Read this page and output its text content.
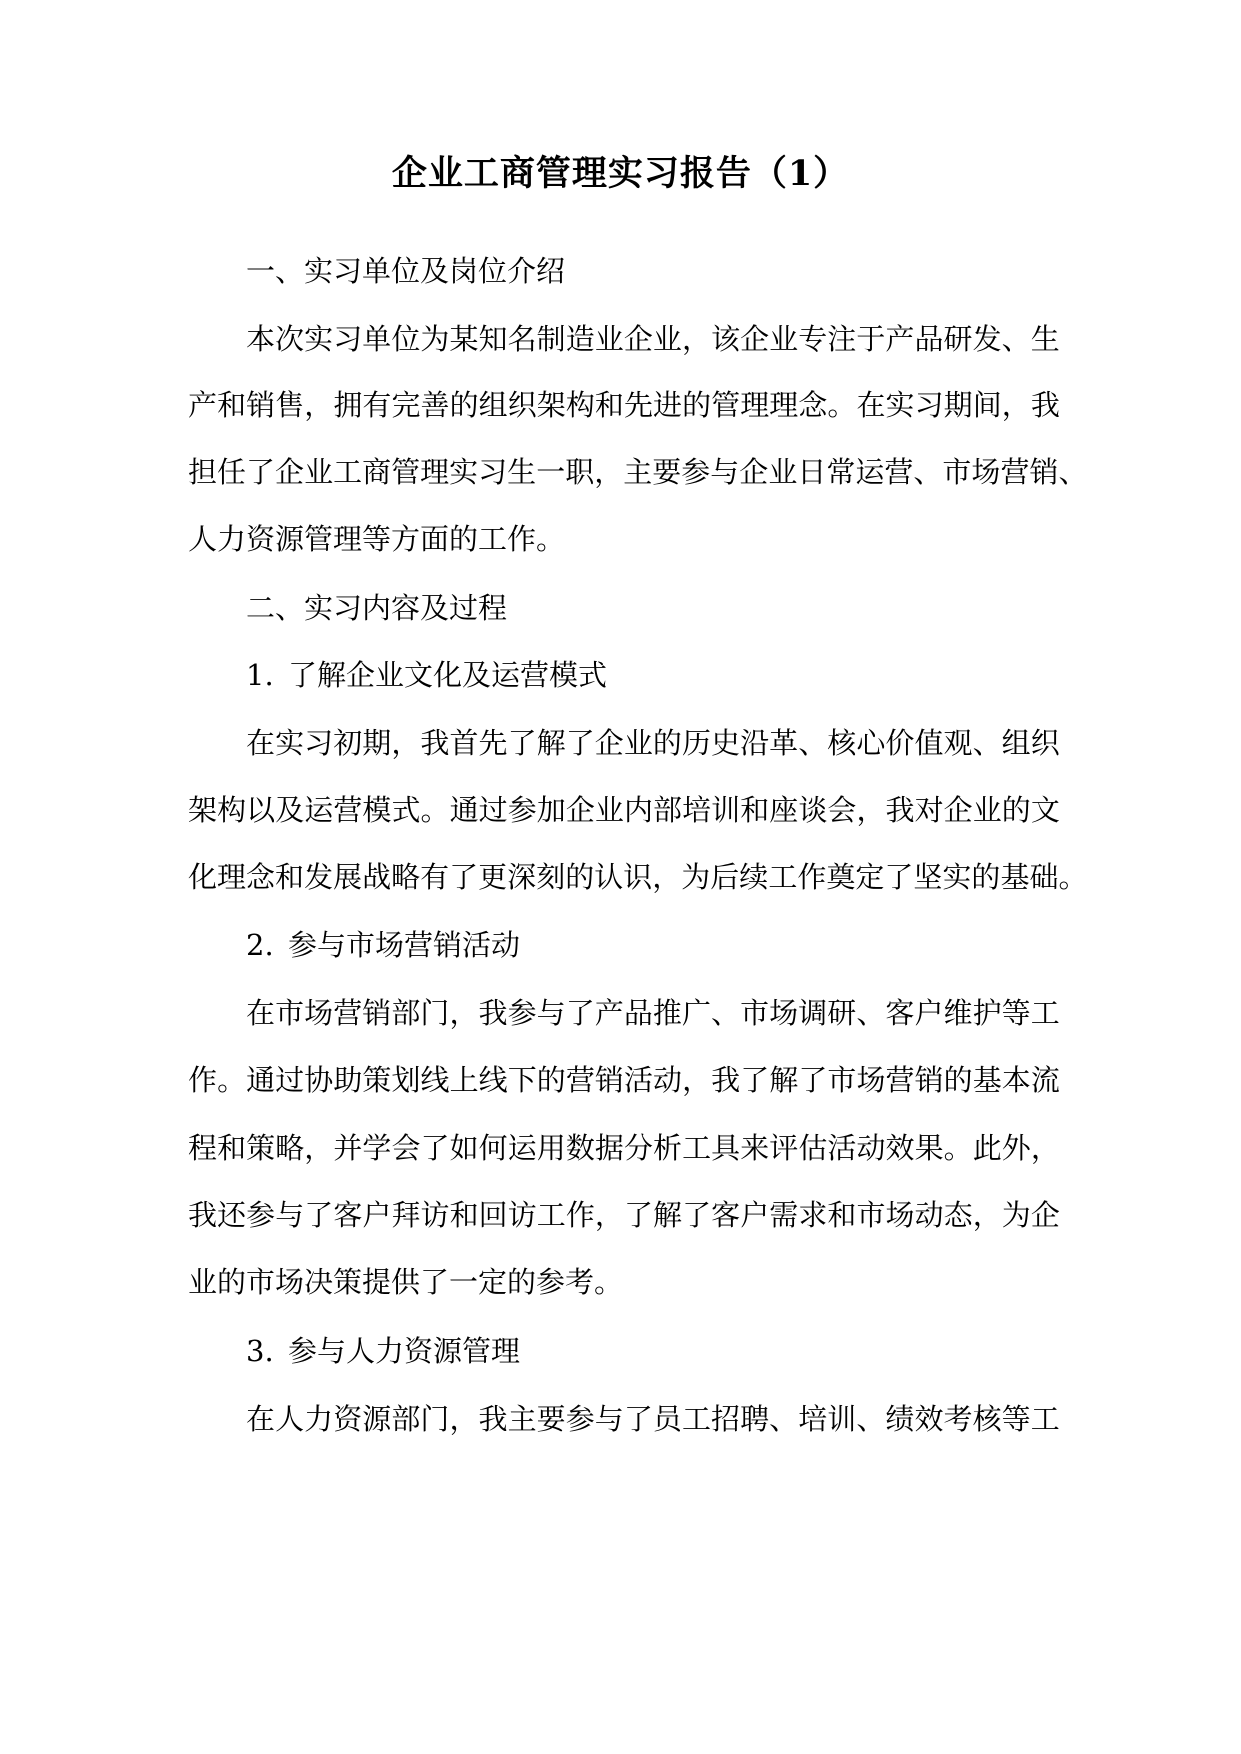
企业工商管理实习报告（1）
一、实习单位及岗位介绍
本 次 实 习 单 位 为 某 知 名 制 造 业 企 业 ， 该 企 业 专 注 于 产 品 研 发 、 生
产 和 销 售 ， 拥 有 完 善 的 组 织 架 构 和 先 进 的 管 理 理 念 。 在 实 习 期 间 ， 我
担 任 了 企 业 工 商 管 理 实 习 生 一 职 ， 主 要 参 与 企 业 日 常 运 营 、 市 场 营 销 、
人力资源管理等方面的工作。
二、实习内容及过程
1. 了解企业文化及运营模式
在 实 习 初 期 ， 我 首 先 了 解 了 企 业 的 历 史 沿 革 、 核 心 价 值 观 、 组 织
架 构 以 及 运 营 模 式 。 通 过 参 加 企 业 内 部 培 训 和 座 谈 会 ， 我 对 企 业 的 文
化 理 念 和 发 展 战 略 有 了 更 深 刻 的 认 识 ， 为 后 续 工 作 奠 定 了 坚 实 的 基 础 。
2. 参与市场营销活动
在 市 场 营 销 部 门 ， 我 参 与 了 产 品 推 广 、 市 场 调 研 、 客 户 维 护 等 工
作 。 通 过 协 助 策 划 线 上 线 下 的 营 销 活 动 ， 我 了 解 了 市 场 营 销 的 基 本 流
程 和 策 略 ， 并 学 会 了 如 何 运 用 数 据 分 析 工 具 来 评 估 活 动 效 果 。 此 外 ，
我 还 参 与 了 客 户 拜 访 和 回 访 工 作 ， 了 解 了 客 户 需 求 和 市 场 动 态 ， 为 企
业的市场决策提供了一定的参考。
3. 参与人力资源管理
在 人 力 资 源 部 门 ， 我 主 要 参 与 了 员 工 招 聘 、 培 训 、 绩 效 考 核 等 工
